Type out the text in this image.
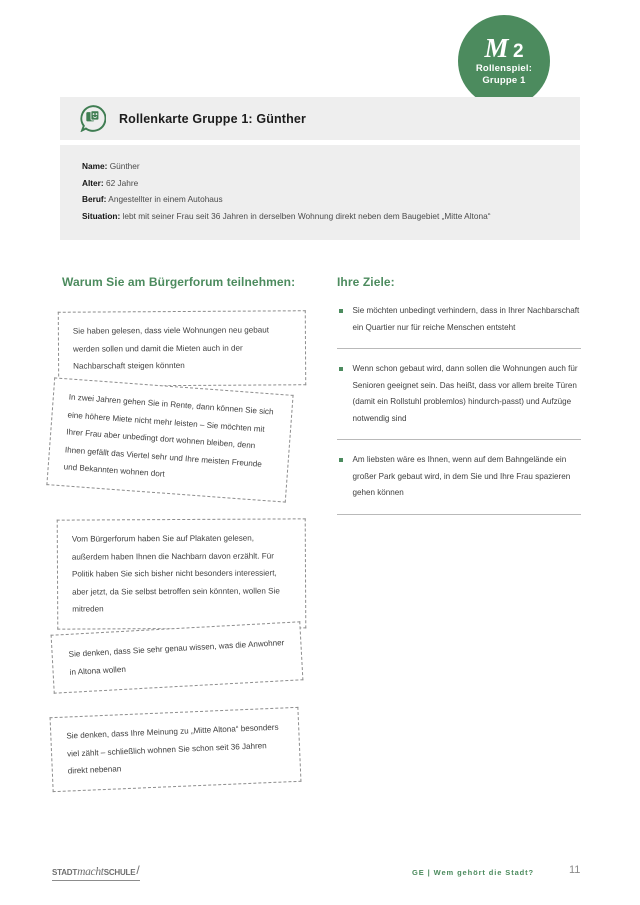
M 2
Rollenspiel:
Gruppe 1
Rollenkarte Gruppe 1: Günther
Name: Günther
Alter: 62 Jahre
Beruf: Angestellter in einem Autohaus
Situation: lebt mit seiner Frau seit 36 Jahren in derselben Wohnung direkt neben dem Baugebiet „Mitte Altona“
Warum Sie am Bürgerforum teilnehmen:	Ihre Ziele:

Sie haben gelesen, dass viele Wohnungen neu gebaut werden sollen und damit die Mieten auch in der Nachbarschaft steigen könnten

In zwei Jahren gehen Sie in Rente, dann können Sie sich eine höhere Miete nicht mehr leisten – Sie möchten mit Ihrer Frau aber unbedingt dort wohnen bleiben, denn Ihnen gefällt das Viertel sehr und Ihre meisten Freunde und Bekannten wohnen dort

Vom Bürgerforum haben Sie auf Plakaten gelesen, außerdem haben Ihnen die Nachbarn davon erzählt. Für Politik haben Sie sich bisher nicht besonders interessiert, aber jetzt, da Sie selbst betroffen sein könnten, wollen Sie mitreden

Sie denken, dass Sie sehr genau wissen, was die Anwohner in Altona wollen

Sie denken, dass Ihre Meinung zu „Mitte Altona“ besonders viel zählt – schließlich wohnen Sie schon seit 36 Jahren direkt nebenan

Sie möchten unbedingt verhindern, dass in Ihrer Nachbarschaft ein Quartier nur für reiche Menschen entsteht
Wenn schon gebaut wird, dann sollen die Wohnungen auch für Senioren geeignet sein. Das heißt, dass vor allem breite Türen (damit ein Rollstuhl problemlos) hindurch-passt) und Aufzüge notwendig sind
Am liebsten wäre es Ihnen, wenn auf dem Bahngelände ein großer Park gebaut wird, in dem Sie und Ihre Frau spazieren gehen können
STADT macht SCHULE /	GE | Wem gehört die Stadt?	11
